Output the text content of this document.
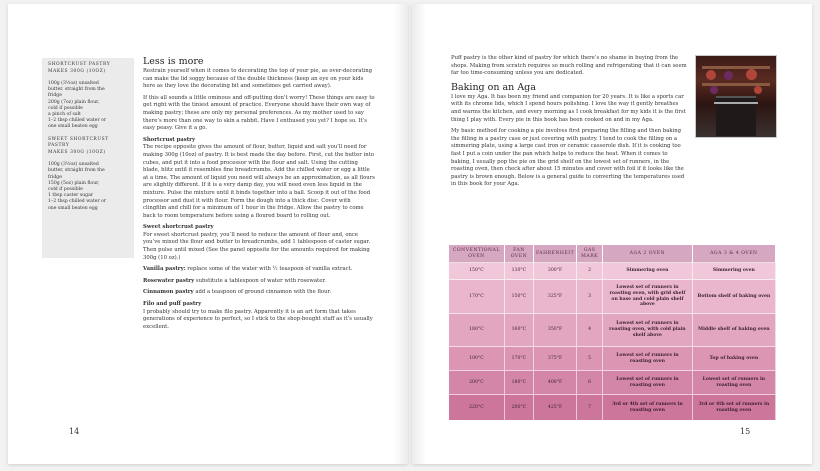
SHORTCRUST PASTRY
MAKES 300G (10OZ)
100g (3½oz) unsalted
butter, straight from the
fridge
200g (7oz) plain flour,
cold if possible
a pinch of salt
1–2 tbsp chilled water or
one small beaten egg
SWEET SHORTCRUST
PASTRY
MAKES 300G (10OZ)
100g (3½oz) unsalted
butter, straight from the
fridge
150g (5oz) plain flour,
cold if possible
1 tbsp caster sugar
1–2 tbsp chilled water or
one small beaten egg
Less is more

Restrain yourself when it comes to decorating the top of your pie, as over-decorating can make the lid soggy because of the double thickness (keep an eye on your kids here as they love the decorating bit and sometimes get carried away).

If this all sounds a little ominous and off-putting don’t worry! These things are easy to get right with the tiniest amount of practice. Everyone should have their own way of making pastry; these are only my personal preferences. As my mother used to say there’s more than one way to skin a rabbit. Have I enthused you yet? I hope so. It’s easy peasy. Give it a go.

Shortcrust pastry

The recipe opposite gives the amount of flour, butter, liquid and salt you’ll need for making 300g (10oz) of pastry. It is best made the day before. First, cut the butter into cubes, and put it into a food processor with the flour and salt. Using the cutting blade, blitz until it resembles fine breadcrumbs. Add the chilled water or egg a little at a time. The amount of liquid you need will always be an approximation, as all flours are slightly different. If it is a very damp day, you will need even less liquid in the mixture. Pulse the mixture until it binds together into a ball. Scoop it out of the food processor and dust it with flour. Form the dough into a thick disc. Cover with clingfilm and chill for a minimum of 1 hour in the fridge. Allow the pastry to come back to room temperature before using a floured board to rolling out.

Sweet shortcrust pastry

For sweet shortcrust pastry, you’ll need to reduce the amount of flour and, once you’ve mixed the flour and butter to breadcrumbs, add 1 tablespoon of caster sugar. Then pulse until mixed (See the panel opposite for the amounts required for making 300g (10 oz).)

Vanilla pastry: replace some of the water with ½ teaspoon of vanilla extract.

Rosewater pastry substitute a tablespoon of water with rosewater.

Cinnamon pastry add a teaspoon of ground cinnamon with the flour.

Filo and puff pastry

I probably should try to make filo pastry. Apparently it is an art form that takes generations of experience to perfect, so I stick to the shop-bought stuff as it’s usually excellent.

14

Puff pastry is the other kind of pastry for which there’s no shame in buying from the shops. Making from scratch requires so much rolling and refrigerating that it can seem far too time-consuming unless you are dedicated.

Baking on an Aga

I love my Aga. It has been my friend and companion for 20 years. It is like a sports car with its chrome lids, which I spend hours polishing. I love the way it gently breathes and warms the kitchen, and every morning as I cook breakfast for my kids it is the first thing I play with. Every pie in this book has been cooked on and in my Aga.

My basic method for cooking a pie involves first preparing the filling and then baking the filling in a pastry case or just covering with pastry. I tend to cook the filling on a simmering plate, using a large cast iron or ceramic casserole dish. If it is cooking too fast I put a coin under the pan which helps to reduce the heat. When it comes to baking, I usually pop the pie on the grid shelf on the lowest set of runners, in the roasting oven, then check after about 15 minutes and cover with foil if it looks like the pastry is brown enough. Below is a general guide to converting the temperatures used in this book for your Aga.

CONVENTIONAL OVEN	FAN OVEN	FAHRENHEIT	GAS MARK	AGA 2 OVEN	AGA 3 & 4 OVEN
150°C	130°C	300°F	2	Simmering oven	Simmering oven
170°C	150°C	325°F	3	Lowest set of runners in roasting oven, with grid shelf on base and cold plain shelf above	Bottom shelf of baking oven
180°C	160°C	350°F	4	Lowest set of runners in roasting oven, with cold plain shelf above	Middle shelf of baking oven
190°C	170°C	375°F	5	Lowest set of runners in roasting oven	Top of baking oven
200°C	180°C	400°F	6	Lowest set of runners in roasting oven	Lowest set of runners in roasting oven
220°C	200°C	425°F	7	3rd or 4th set of runners in roasting oven	3rd or 4th set of runners in roasting oven
15
